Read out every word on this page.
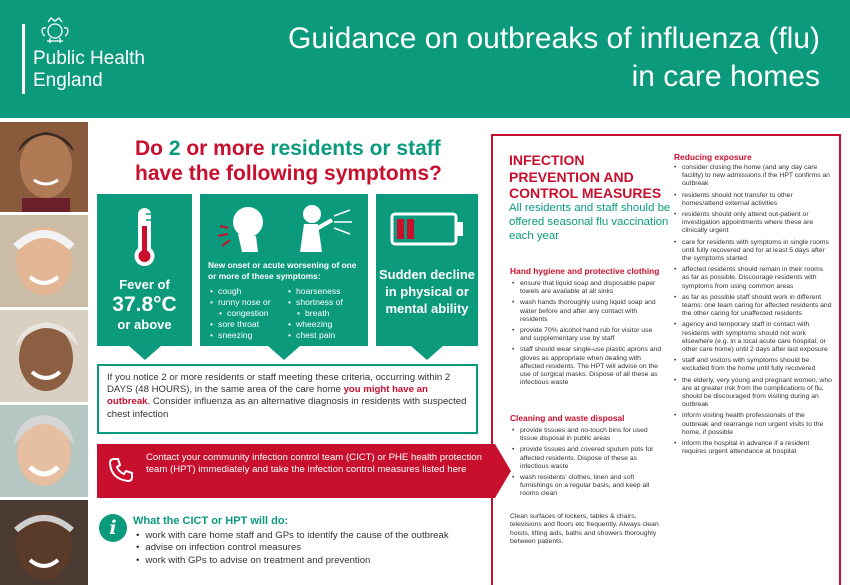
Public Health
England
Guidance on outbreaks of influenza (flu) in care homes
Do 2 or more residents or staff
have the following symptoms?
Fever of
37.8°C
or above
New onset or acute worsening of one or more of these symptoms:
• cough
• runny nose or
• congestion
• sore throat
• sneezing
• hoarseness
• shortness of
• breath
• wheezing
• chest pain
Sudden decline in physical or mental ability
If you notice 2 or more residents or staff meeting these criteria, occurring within 2 DAYS (48 HOURS), in the same area of the care home you might have an outbreak. Consider influenza as an alternative diagnosis in residents with suspected chest infection
Contact your community infection control team (CICT) or PHE health protection team (HPT) immediately and take the infection control measures listed here
i	What the CICT or HPT will do:
• work with care home staff and GPs to identify the cause of the outbreak
• advise on infection control measures
• work with GPs to advise on treatment and prevention
INFECTION PREVENTION AND CONTROL MEASURES
All residents and staff should be offered seasonal flu vaccination each year
Hand hygiene and protective clothing
• ensure that liquid soap and disposable paper towels are available at all sinks
• wash hands thoroughly using liquid soap and water before and after any contact with residents
• provide 70% alcohol hand rub for visitor use and supplementary use by staff
• staff should wear single-use plastic aprons and gloves as appropriate when dealing with affected residents. The HPT will advise on the use of surgical masks. Dispose of all these as infectious waste
Cleaning and waste disposal
• provide tissues and no-touch bins for used tissue disposal in public areas
• provide tissues and covered sputum pots for affected residents. Dispose of these as infectious waste
• wash residents' clothes, linen and soft furnishings on a regular basis, and keep all rooms clean
Clean surfaces of lockers, tables & chairs, televisions and floors etc frequently. Always clean hoists, lifting aids, baths and showers thoroughly between patients.
Reducing exposure
• consider closing the home (and any day care facility) to new admissions if the HPT confirms an outbreak
• residents should not transfer to other homes/attend external activities
• residents should only attend out-patient or investigation appointments where these are clinically urgent
• care for residents with symptoms in single rooms until fully recovered and for at least 5 days after the symptoms started
• affected residents should remain in their rooms as far as possible. Discourage residents with symptoms from using common areas
• as far as possible staff should work in different teams: one team caring for affected residents and the other caring for unaffected residents
• agency and temporary staff in contact with residents with symptoms should not work elsewhere (e.g. in a local acute care hospital, or other care home) until 2 days after last exposure
• staff and visitors with symptoms should be excluded from the home until fully recovered
• the elderly, very young and pregnant women, who are at greater risk from the complications of flu, should be discouraged from visiting during an outbreak
• inform visiting health professionals of the outbreak and rearrange non urgent visits to the home, if possible
• inform the hospital in advance if a resident requires urgent attendance at hospital
